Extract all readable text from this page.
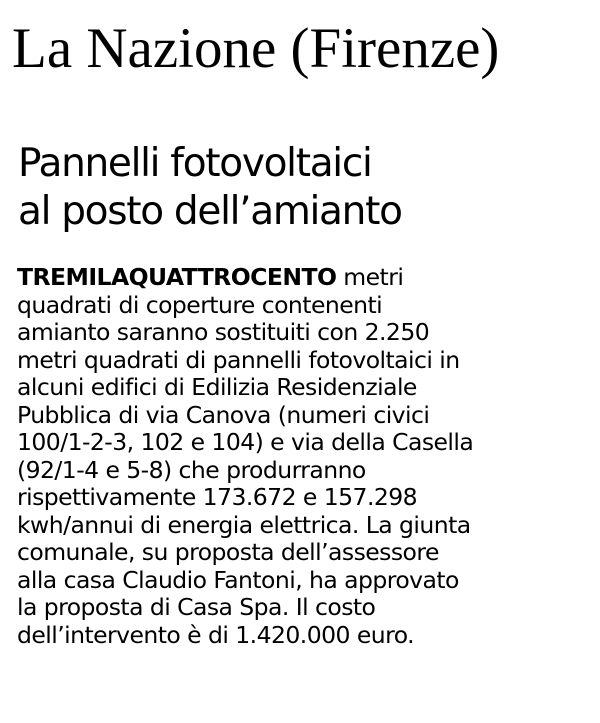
La Nazione (Firenze)
Pannelli fotovoltaici
al posto dell’amianto
TREMILAQUATTROCENTO metri
quadrati di coperture contenenti
amianto saranno sostituiti con 2.250
metri quadrati di pannelli fotovoltaici in
alcuni edifici di Edilizia Residenziale
Pubblica di via Canova (numeri civici
100/1-2-3, 102 e 104) e via della Casella
(92/1-4 e 5-8) che produrranno
rispettivamente 173.672 e 157.298
kwh/annui di energia elettrica. La giunta
comunale, su proposta dell’assessore
alla casa Claudio Fantoni, ha approvato
la proposta di Casa Spa. Il costo
dell’intervento è di 1.420.000 euro.
